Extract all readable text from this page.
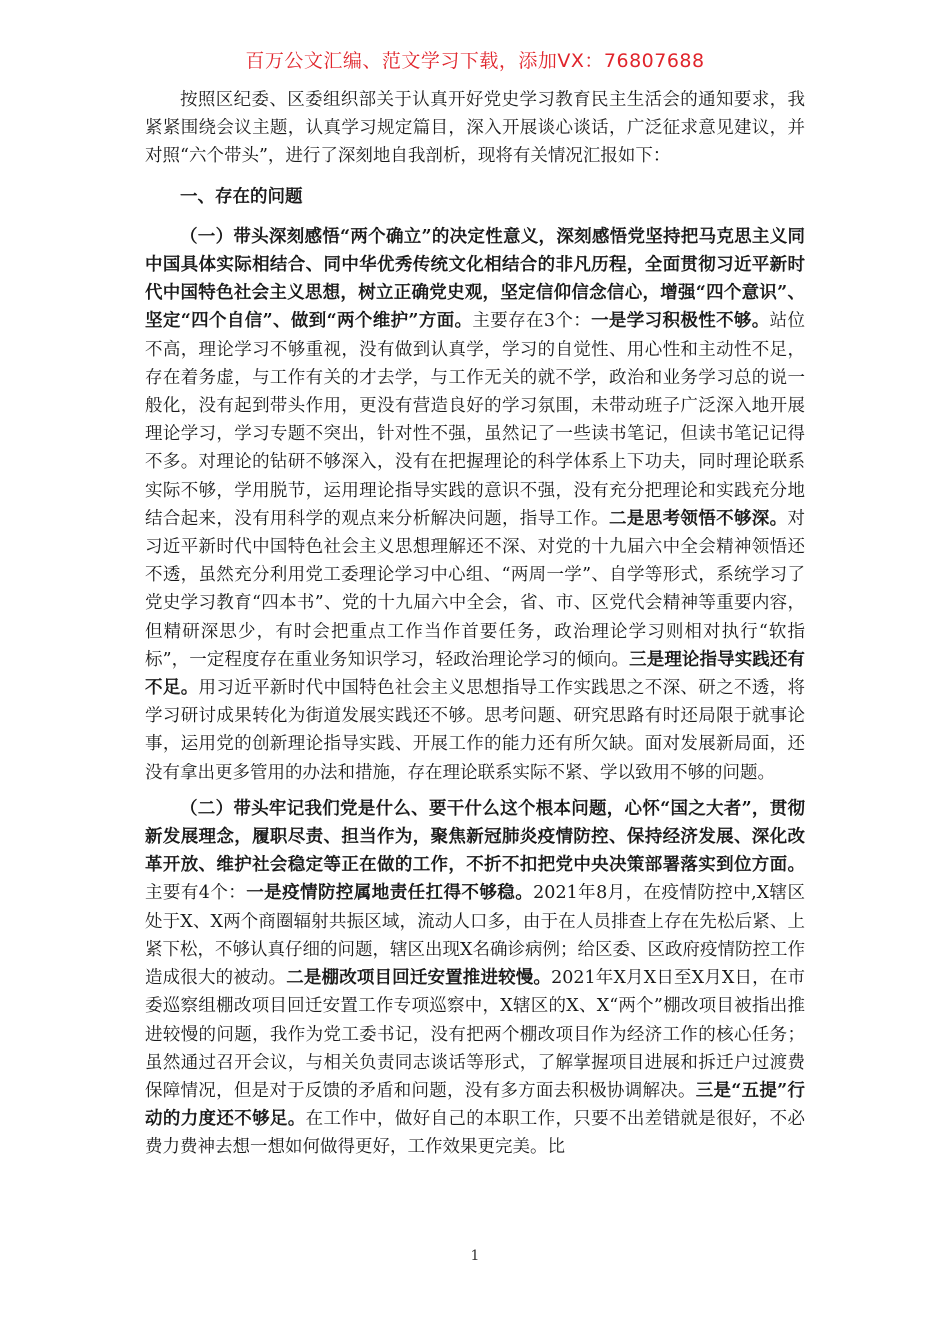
百万公文汇编、范文学习下载，添加VX：76807688

按照区纪委、区委组织部关于认真开好党史学习教育民主生活会的通知要求，我紧紧围绕会议主题，认真学习规定篇目，深入开展谈心谈话，广泛征求意见建议，并对照“六个带头”，进行了深刻地自我剖析，现将有关情况汇报如下：

一、存在的问题

（一）带头深刻感悟“两个确立”的决定性意义，深刻感悟党坚持把马克思主义同中国具体实际相结合、同中华优秀传统文化相结合的非凡历程，全面贯彻习近平新时代中国特色社会主义思想，树立正确党史观，坚定信仰信念信心，增强“四个意识”、坚定“四个自信”、做到“两个维护”方面。主要存在3个：一是学习积极性不够。站位不高，理论学习不够重视，没有做到认真学，学习的自觉性、用心性和主动性不足，存在着务虚，与工作有关的才去学，与工作无关的就不学，政治和业务学习总的说一般化，没有起到带头作用，更没有营造良好的学习氛围，未带动班子广泛深入地开展理论学习，学习专题不突出，针对性不强，虽然记了一些读书笔记，但读书笔记记得不多。对理论的钻研不够深入，没有在把握理论的科学体系上下功夫，同时理论联系实际不够，学用脱节，运用理论指导实践的意识不强，没有充分把理论和实践充分地结合起来，没有用科学的观点来分析解决问题，指导工作。二是思考领悟不够深。对习近平新时代中国特色社会主义思想理解还不深、对党的十九届六中全会精神领悟还不透，虽然充分利用党工委理论学习中心组、“两周一学”、自学等形式，系统学习了党史学习教育“四本书”、党的十九届六中全会，省、市、区党代会精神等重要内容，但精研深思少，有时会把重点工作当作首要任务，政治理论学习则相对执行“软指标”，一定程度存在重业务知识学习，轻政治理论学习的倾向。三是理论指导实践还有不足。用习近平新时代中国特色社会主义思想指导工作实践思之不深、研之不透，将学习研讨成果转化为街道发展实践还不够。思考问题、研究思路有时还局限于就事论事，运用党的创新理论指导实践、开展工作的能力还有所欠缺。面对发展新局面，还没有拿出更多管用的办法和措施，存在理论联系实际不紧、学以致用不够的问题。

（二）带头牢记我们党是什么、要干什么这个根本问题，心怀“国之大者”，贯彻新发展理念，履职尽责、担当作为，聚焦新冠肺炎疫情防控、保持经济发展、深化改革开放、维护社会稳定等正在做的工作，不折不扣把党中央决策部署落实到位方面。主要有4个：一是疫情防控属地责任扛得不够稳。2021年8月，在疫情防控中,X辖区处于X、X两个商圈辐射共振区域，流动人口多，由于在人员排查上存在先松后紧、上紧下松，不够认真仔细的问题，辖区出现X名确诊病例；给区委、区政府疫情防控工作造成很大的被动。二是棚改项目回迁安置推进较慢。2021年X月X日至X月X日，在市委巡察组棚改项目回迁安置工作专项巡察中，X辖区的X、X“两个”棚改项目被指出推进较慢的问题，我作为党工委书记，没有把两个棚改项目作为经济工作的核心任务；虽然通过召开会议，与相关负责同志谈话等形式，了解掌握项目进展和拆迁户过渡费保障情况，但是对于反馈的矛盾和问题，没有多方面去积极协调解决。三是“五提”行动的力度还不够足。在工作中，做好自己的本职工作，只要不出差错就是很好，不必费力费神去想一想如何做得更好，工作效果更完美。比

1
